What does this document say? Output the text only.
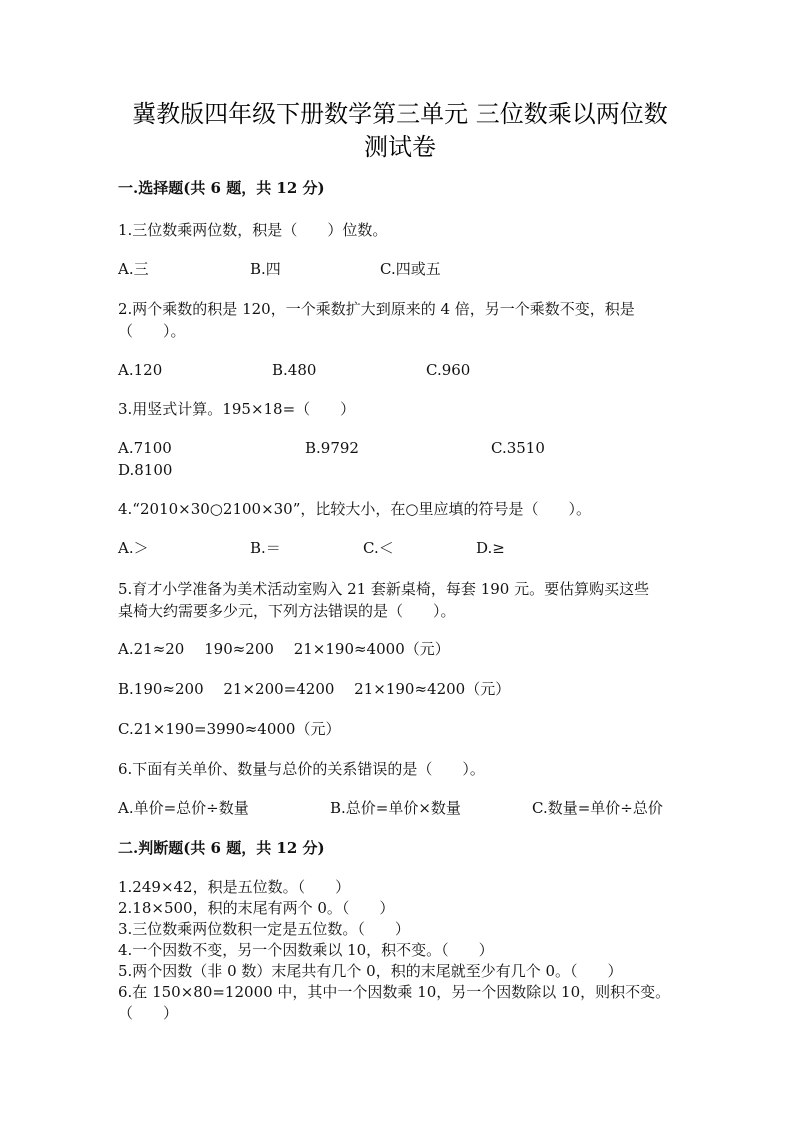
冀教版四年级下册数学第三单元 三位数乘以两位数
测试卷
一.选择题(共 6 题，共 12 分)
1.三位数乘两位数，积是（　　）位数。
A.三	B.四	C.四或五
2.两个乘数的积是 120，一个乘数扩大到原来的 4 倍，另一个乘数不变，积是
（　　）。
A.120	B.480	C.960
3.用竖式计算。195×18=（　　）
A.7100	B.9792	C.3510
D.8100
4.“2010×30○2100×30”，比较大小，在○里应填的符号是（　　）。
A.＞	B.＝	C.＜	D.≥
5.育才小学准备为美术活动室购入 21 套新桌椅，每套 190 元。要估算购买这些
桌椅大约需要多少元，下列方法错误的是（　　）。
A.21≈20　 190≈200　 21×190≈4000（元）
B.190≈200　 21×200=4200　 21×190≈4200（元）
C.21×190=3990≈4000（元）
6.下面有关单价、数量与总价的关系错误的是（　　）。
A.单价=总价÷数量	B.总价=单价×数量	C.数量=单价÷总价
二.判断题(共 6 题，共 12 分)
1.249×42，积是五位数。（　　）
2.18×500，积的末尾有两个 0。（　　）
3.三位数乘两位数积一定是五位数。（　　）
4.一个因数不变，另一个因数乘以 10，积不变。（　　）
5.两个因数（非 0 数）末尾共有几个 0，积的末尾就至少有几个 0。（　　）
6.在 150×80=12000 中，其中一个因数乘 10，另一个因数除以 10，则积不变。
（　　）
